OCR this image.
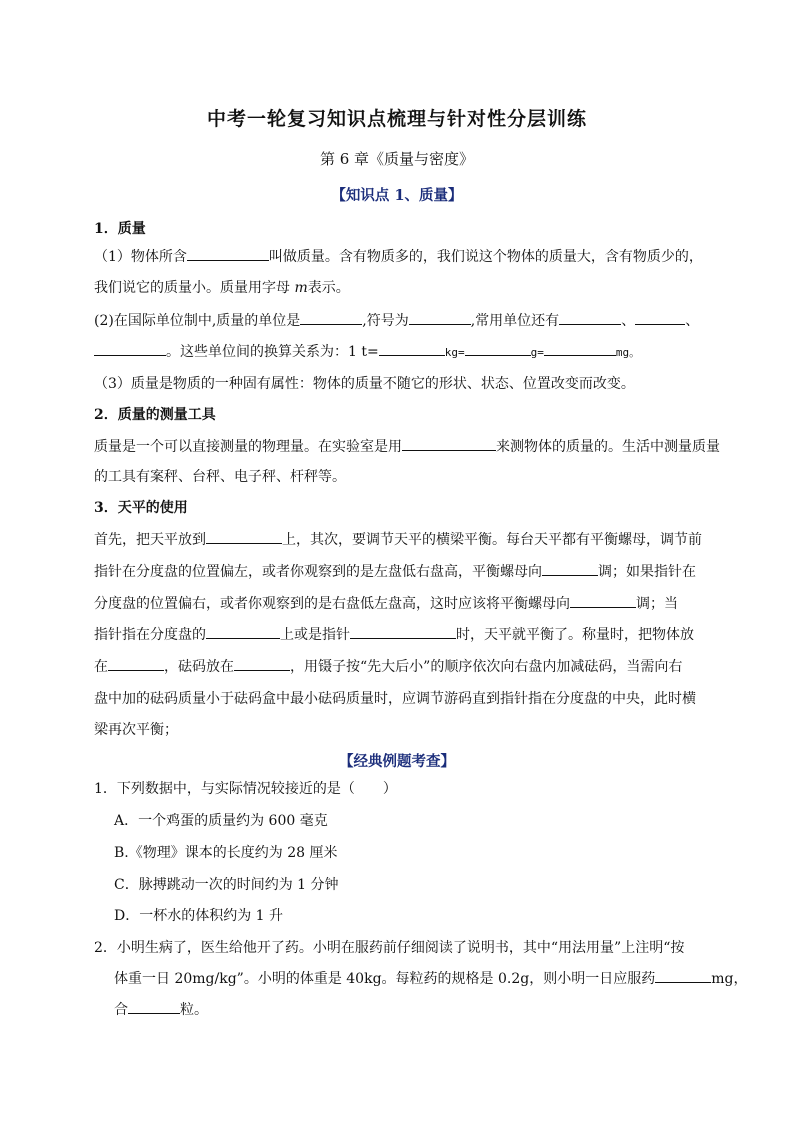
中考一轮复习知识点梳理与针对性分层训练
第 6 章《质量与密度》
【知识点 1、质量】
1．质量
（1）物体所含	叫做质量。含有物质多的，我们说这个物体的质量大，含有物质少的，
我们说它的质量小。质量用字母 m表示。
(2)在国际单位制中,质量的单位是	,符号为	,常用单位还有	、	、
。这些单位间的换算关系为：1 t=	kg=	g=	mg。
（3）质量是物质的一种固有属性：物体的质量不随它的形状、状态、位置改变而改变。
2．质量的测量工具
质量是一个可以直接测量的物理量。在实验室是用	来测物体的质量的。生活中测量质量
的工具有案秤、台秤、电子秤、杆秤等。
3．天平的使用
首先，把天平放到	上，其次，要调节天平的横梁平衡。每台天平都有平衡螺母，调节前
指针在分度盘的位置偏左，或者你观察到的是左盘低右盘高，平衡螺母向	调；如果指针在
分度盘的位置偏右，或者你观察到的是右盘低左盘高，这时应该将平衡螺母向	调；当
指针指在分度盘的	上或是指针	时，天平就平衡了。称量时，把物体放
在	，砝码放在	，用镊子按“先大后小”的顺序依次向右盘内加减砝码，当需向右
盘中加的砝码质量小于砝码盒中最小砝码质量时，应调节游码直到指针指在分度盘的中央，此时横
梁再次平衡；
【经典例题考查】
1．下列数据中，与实际情况较接近的是（　　）
A．一个鸡蛋的质量约为 600 毫克
B.《物理》课本的长度约为 28 厘米
C．脉搏跳动一次的时间约为 1 分钟
D．一杯水的体积约为 1 升
2．小明生病了，医生给他开了药。小明在服药前仔细阅读了说明书，其中“用法用量”上注明“按
体重一日 20mg/kg”。小明的体重是 40kg。每粒药的规格是 0.2g，则小明一日应服药	mg，
合	粒。
